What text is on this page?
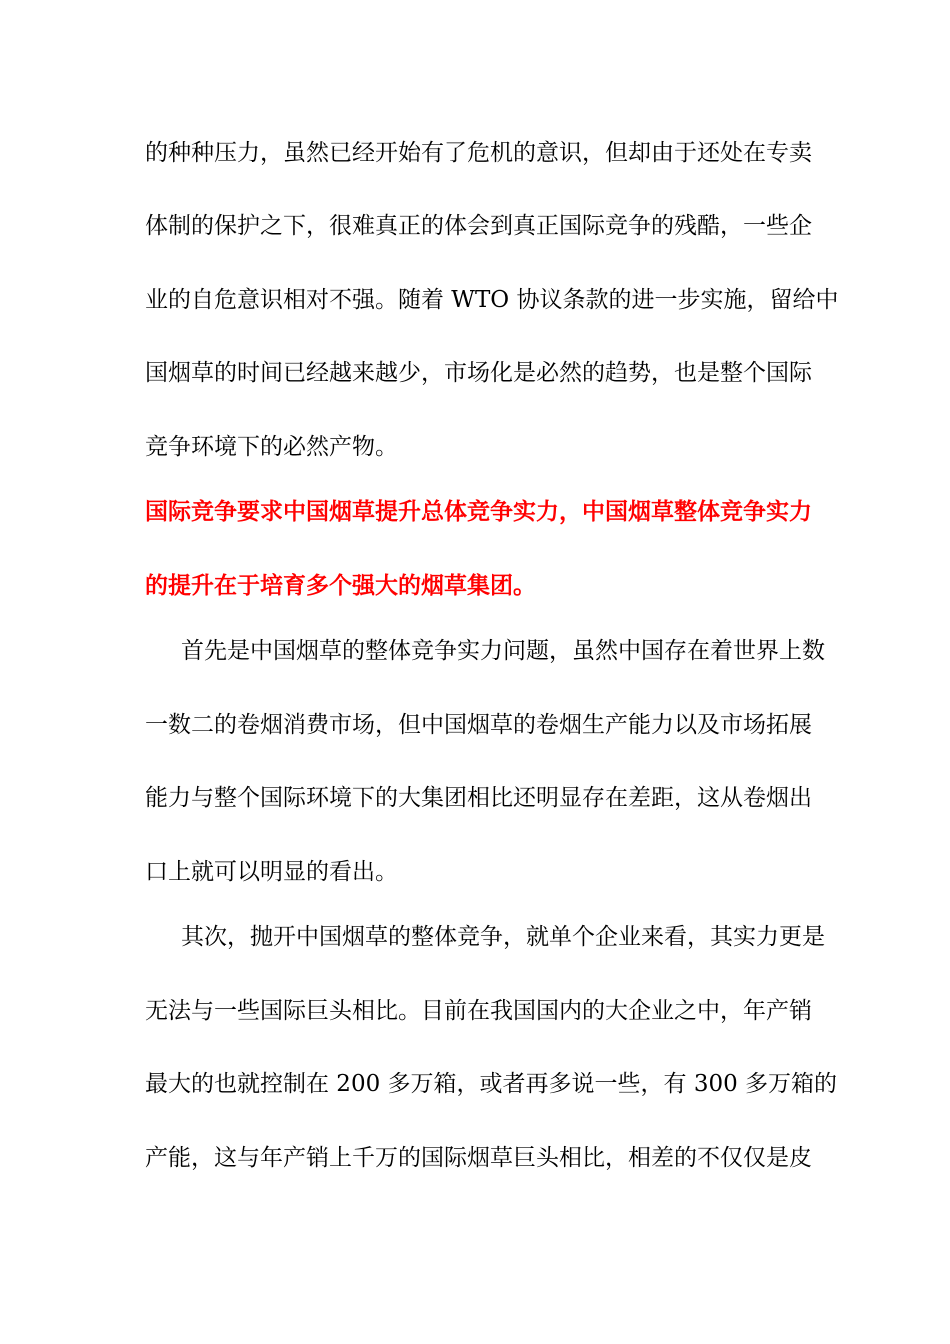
的种种压力，虽然已经开始有了危机的意识，但却由于还处在专卖
体制的保护之下，很难真正的体会到真正国际竞争的残酷，一些企
业的自危意识相对不强。随着 WTO 协议条款的进一步实施，留给中
国烟草的时间已经越来越少，市场化是必然的趋势，也是整个国际
竞争环境下的必然产物。
国际竞争要求中国烟草提升总体竞争实力，中国烟草整体竞争实力
的提升在于培育多个强大的烟草集团。
首先是中国烟草的整体竞争实力问题，虽然中国存在着世界上数
一数二的卷烟消费市场，但中国烟草的卷烟生产能力以及市场拓展
能力与整个国际环境下的大集团相比还明显存在差距，这从卷烟出
口上就可以明显的看出。
其次，抛开中国烟草的整体竞争，就单个企业来看，其实力更是
无法与一些国际巨头相比。目前在我国国内的大企业之中，年产销
最大的也就控制在 200 多万箱，或者再多说一些，有 300 多万箱的
产能，这与年产销上千万的国际烟草巨头相比，相差的不仅仅是皮
